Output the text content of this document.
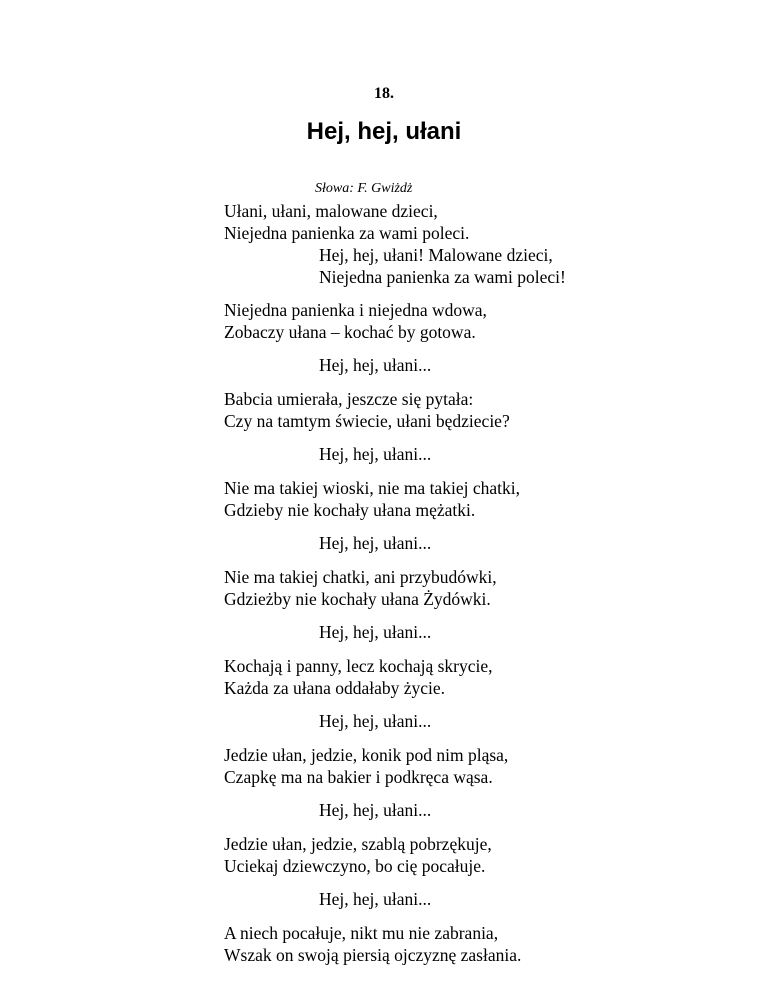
18.
Hej, hej, ułani
Słowa: F. Gwiżdż
Ułani, ułani, malowane dzieci,
Niejedna panienka za wami poleci.
Hej, hej, ułani! Malowane dzieci,
Niejedna panienka za wami poleci!
Niejedna panienka i niejedna wdowa,
Zobaczy ułana – kochać by gotowa.
Hej, hej, ułani...
Babcia umierała, jeszcze się pytała:
Czy na tamtym świecie, ułani będziecie?
Hej, hej, ułani...
Nie ma takiej wioski, nie ma takiej chatki,
Gdzieby nie kochały ułana mężatki.
Hej, hej, ułani...
Nie ma takiej chatki, ani przybudówki,
Gdzieżby nie kochały ułana Żydówki.
Hej, hej, ułani...
Kochają i panny, lecz kochają skrycie,
Każda za ułana oddałaby życie.
Hej, hej, ułani...
Jedzie ułan, jedzie, konik pod nim pląsa,
Czapkę ma na bakier i podkręca wąsa.
Hej, hej, ułani...
Jedzie ułan, jedzie, szablą pobrzękuje,
Uciekaj dziewczyno, bo cię pocałuje.
Hej, hej, ułani...
A niech pocałuje, nikt mu nie zabrania,
Wszak on swoją piersią ojczyznę zasłania.
